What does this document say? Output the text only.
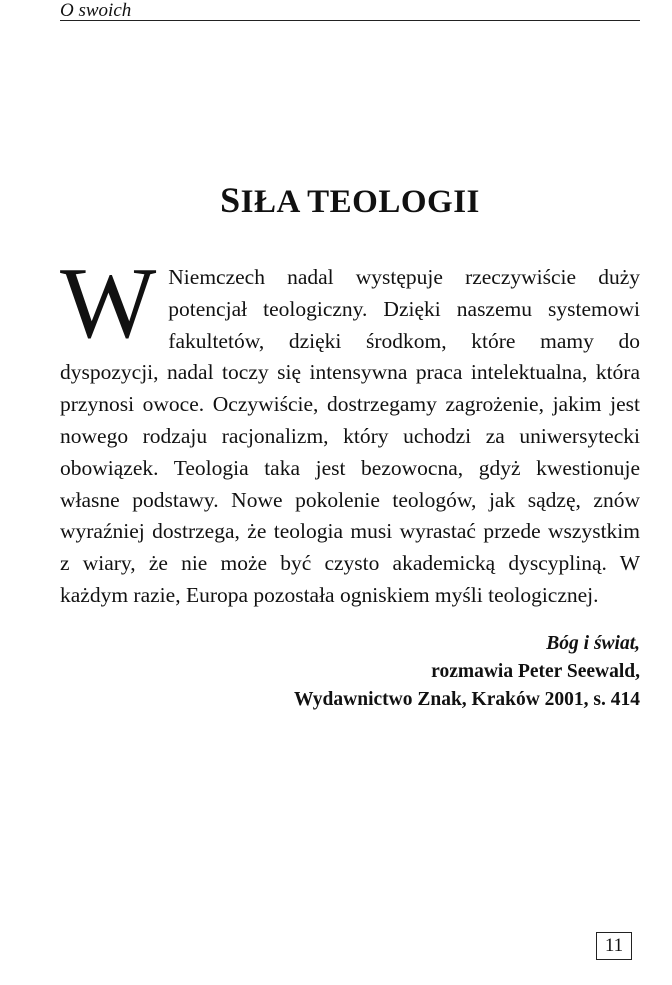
O swoich
SIŁA TEOLOGII
W Niemczech nadal występuje rzeczywiście duży potencjał teologiczny. Dzięki naszemu systemowi fakultetów, dzięki środkom, które mamy do dyspozycji, nadal toczy się intensywna praca intelektualna, która przynosi owoce. Oczywiście, dostrzegamy zagrożenie, jakim jest nowego rodzaju racjonalizm, który uchodzi za uniwersytecki obowiązek. Teologia taka jest bezowocna, gdyż kwestionuje własne podstawy. Nowe pokolenie teologów, jak sądzę, znów wyraźniej dostrzega, że teologia musi wyrastać przede wszystkim z wiary, że nie może być czysto akademicką dyscypliną. W każdym razie, Europa pozostała ogniskiem myśli teologicznej.
Bóg i świat,
rozmawia Peter Seewald,
Wydawnictwo Znak, Kraków 2001, s. 414
11
